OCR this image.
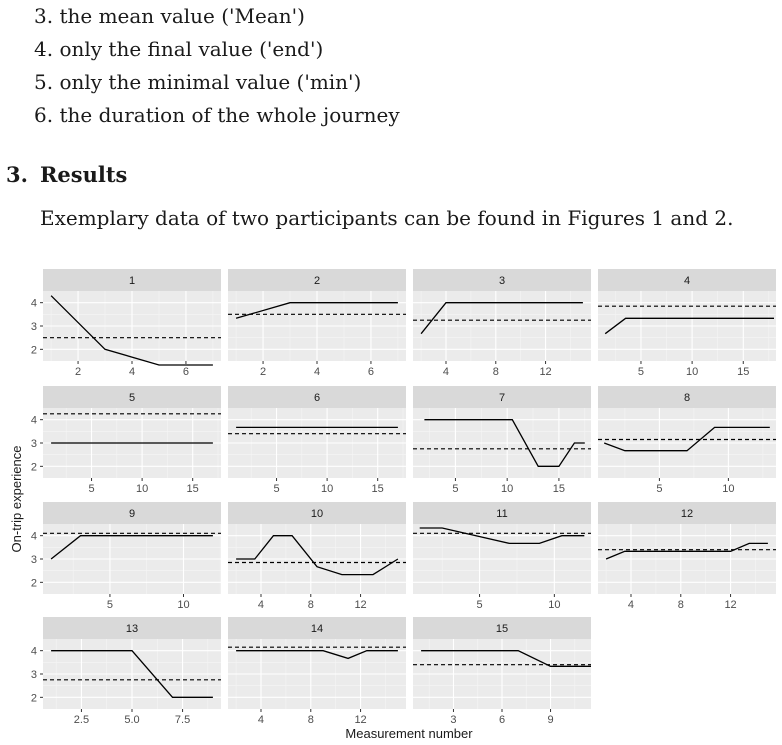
3. the mean value ('Mean')
4. only the final value ('end')
5. only the minimal value ('min')
6. the duration of the whole journey
3. Results
Exemplary data of two participants can be found in Figures 1 and 2.
1
2
3
4
2	4	6
2
2	4	6
3
4	8	12
4
5	10	15
5
2
3
4
5	10	15
6
5	10	15
7
5	10	15
8
5	10
9
2
3
4
5	10
10
4	8	12
11
5	10
12
4	8	12
13
2
3
4
2.5	5.0	7.5
14
4	8	12
15
3	6	9
Measurement number
On-trip experience
